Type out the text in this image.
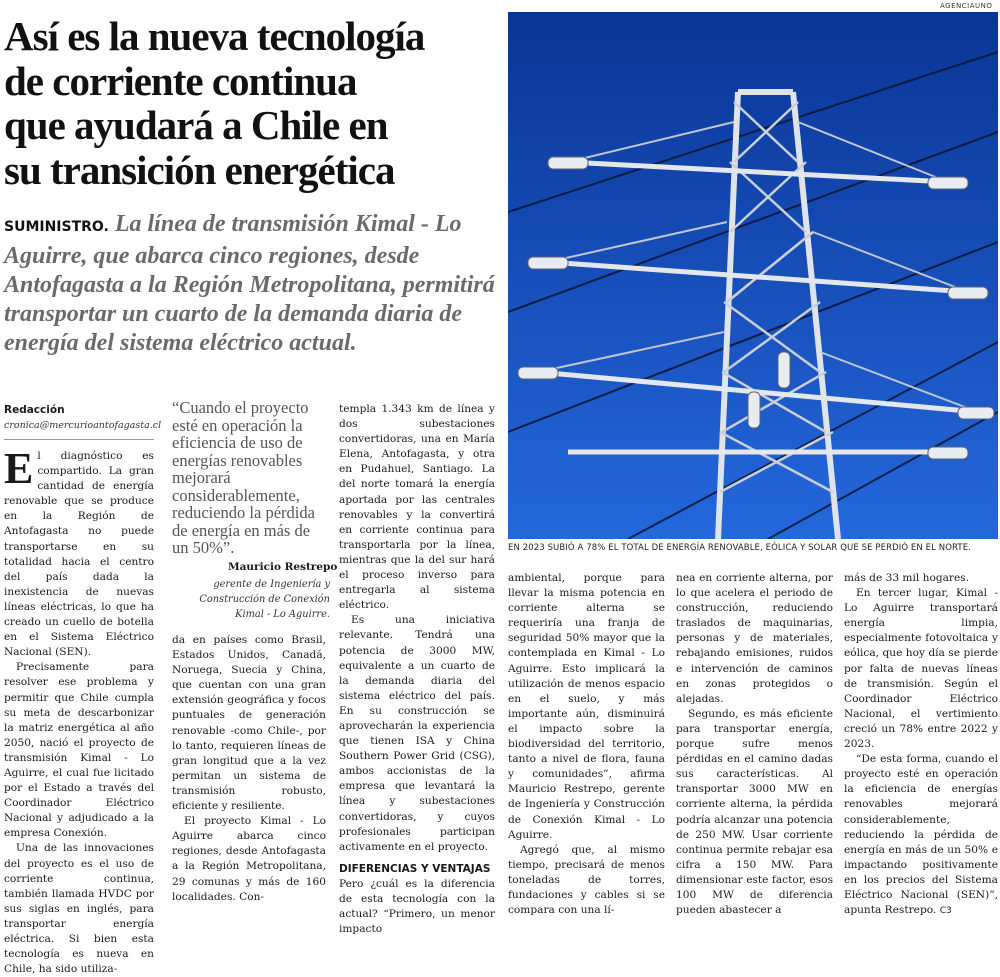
Así es la nueva tecnología
de corriente continua
que ayudará a Chile en
su transición energética
SUMINISTRO. La línea de transmisión Kimal - Lo Aguirre, que abarca cinco regiones, desde Antofagasta a la Región Metropolitana, permitirá transportar un cuarto de la demanda diaria de energía del sistema eléctrico actual.
AGENCIAUNO
EN 2023 SUBIÓ A 78% EL TOTAL DE ENERGÍA RENOVABLE, EÓLICA Y SOLAR QUE SE PERDIÓ EN EL NORTE.
Redacción
cronica@mercurioantofagasta.cl

El diagnóstico es compartido. La gran cantidad de energía renovable que se produce en la Región de Antofagasta no puede transportarse en su totalidad hacia el centro del país dada la inexistencia de nuevas líneas eléctricas, lo que ha creado un cuello de botella en el Sistema Eléctrico Nacional (SEN).

Precisamente para resolver ese problema y permitir que Chile cumpla su meta de descarbonizar la matriz energética al año 2050, nació el proyecto de transmisión Kimal - Lo Aguirre, el cual fue licitado por el Estado a través del Coordinador Eléctrico Nacional y adjudicado a la empresa Conexión.

Una de las innovaciones del proyecto es el uso de corriente continua, también llamada HVDC por sus siglas en inglés, para transportar energía eléctrica. Si bien esta tecnología es nueva en Chile, ha sido utiliza-

“Cuando el proyecto esté en operación la eficiencia de uso de energías renovables mejorará considerablemente, reduciendo la pérdida de energía en más de un 50%”.
Mauricio Restrepo
gerente de Ingeniería y Construcción de Conexión Kimal - Lo Aguirre.

da en países como Brasil, Estados Unidos, Canadá, Noruega, Suecia y China, que cuentan con una gran extensión geográfica y focos puntuales de generación renovable -como Chile-, por lo tanto, requieren líneas de gran longitud que a la vez permitan un sistema de transmisión robusto, eficiente y resiliente.

El proyecto Kimal - Lo Aguirre abarca cinco regiones, desde Antofagasta a la Región Metropolitana, 29 comunas y más de 160 localidades. Con-

templa 1.343 km de línea y dos subestaciones convertidoras, una en María Elena, Antofagasta, y otra en Pudahuel, Santiago. La del norte tomará la energía aportada por las centrales renovables y la convertirá en corriente continua para transportarla por la línea, mientras que la del sur hará el proceso inverso para entregarla al sistema eléctrico.

Es una iniciativa relevante. Tendrá una potencia de 3000 MW, equivalente a un cuarto de la demanda diaria del sistema eléctrico del país. En su construcción se aprovecharán la experiencia que tienen ISA y China Southern Power Grid (CSG), ambos accionistas de la empresa que levantará la línea y subestaciones convertidoras, y cuyos profesionales participan activamente en el proyecto.

DIFERENCIAS Y VENTAJAS

Pero ¿cuál es la diferencia de esta tecnología con la actual? “Primero, un menor impacto

ambiental, porque para llevar la misma potencia en corriente alterna se requeriría una franja de seguridad 50% mayor que la contemplada en Kimal - Lo Aguirre. Esto implicará la utilización de menos espacio en el suelo, y más importante aún, disminuirá el impacto sobre la biodiversidad del territorio, tanto a nivel de flora, fauna y comunidades”, afirma Mauricio Restrepo, gerente de Ingeniería y Construcción de Conexión Kimal - Lo Aguirre.

Agregó que, al mismo tiempo, precisará de menos toneladas de torres, fundaciones y cables si se compara con una lí-

nea en corriente alterna, por lo que acelera el periodo de construcción, reduciendo traslados de maquinarias, personas y de materiales, rebajando emisiones, ruidos e intervención de caminos en zonas protegidos o alejadas.

Segundo, es más eficiente para transportar energía, porque sufre menos pérdidas en el camino dadas sus características. Al transportar 3000 MW en corriente alterna, la pérdida podría alcanzar una potencia de 250 MW. Usar corriente continua permite rebajar esa cifra a 150 MW. Para dimensionar este factor, esos 100 MW de diferencia pueden abastecer a

más de 33 mil hogares.

En tercer lugar, Kimal - Lo Aguirre transportará energía limpia, especialmente fotovoltaica y eólica, que hoy día se pierde por falta de nuevas líneas de transmisión. Según el Coordinador Eléctrico Nacional, el vertimiento creció un 78% entre 2022 y 2023.

“De esta forma, cuando el proyecto esté en operación la eficiencia de energías renovables mejorará considerablemente, reduciendo la pérdida de energía en más de un 50% e impactando positivamente en los precios del Sistema Eléctrico Nacional (SEN)”, apunta Restrepo. C3
